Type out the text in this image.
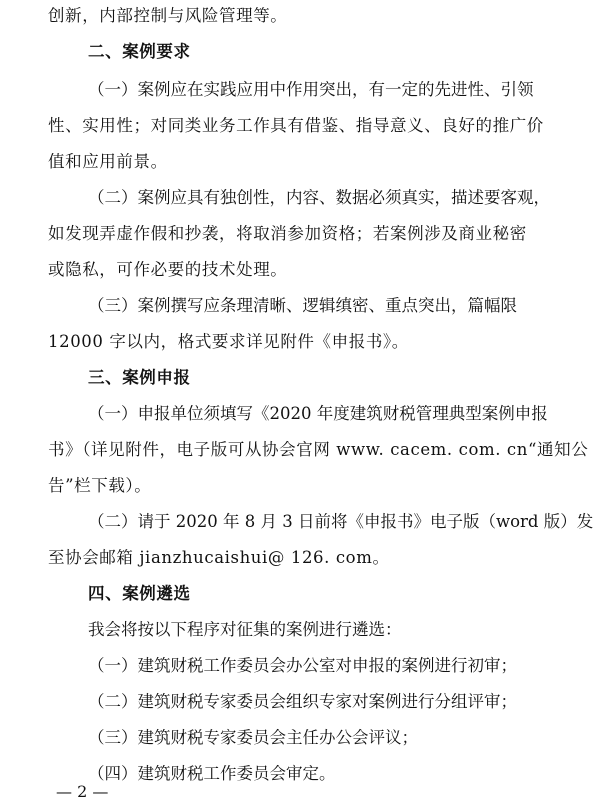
创新，内部控制与风险管理等。
二、案例要求
（一）案例应在实践应用中作用突出，有一定的先进性、引领
性、实用性；对同类业务工作具有借鉴、指导意义、良好的推广价
值和应用前景。
（二）案例应具有独创性，内容、数据必须真实，描述要客观，
如发现弄虚作假和抄袭，将取消参加资格；若案例涉及商业秘密
或隐私，可作必要的技术处理。
（三）案例撰写应条理清晰、逻辑缜密、重点突出，篇幅限
12000 字以内，格式要求详见附件《申报书》。
三、案例申报
（一）申报单位须填写《2020 年度建筑财税管理典型案例申报
书》（详见附件，电子版可从协会官网 www. cacem. com. cn“通知公
告”栏下载）。
（二）请于 2020 年 8 月 3 日前将《申报书》电子版（word 版）发
至协会邮箱 jianzhucaishui@ 126. com。
四、案例遴选
我会将按以下程序对征集的案例进行遴选：
（一）建筑财税工作委员会办公室对申报的案例进行初审；
（二）建筑财税专家委员会组织专家对案例进行分组评审；
（三）建筑财税专家委员会主任办公会评议；
（四）建筑财税工作委员会审定。
— 2 —
